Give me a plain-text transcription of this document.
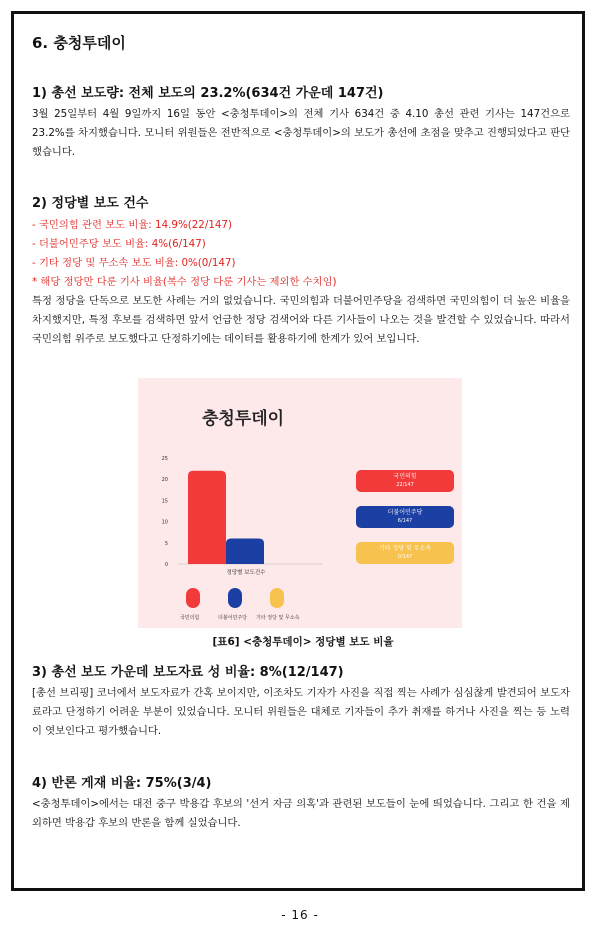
6. 충청투데이
1) 총선 보도량: 전체 보도의 23.2%(634건 가운데 147건)

3월 25일부터 4월 9일까지 16일 동안 <충청투데이>의 전체 기사 634건 중 4.10 총선 관련 기사는 147건으로 23.2%를 차지했습니다. 모니터 위원들은 전반적으로 <충청투데이>의 보도가 총선에 초점을 맞추고 진행되었다고 판단했습니다.

2) 정당별 보도 건수
- 국민의힘 관련 보도 비율: 14.9%(22/147)
- 더불어민주당 보도 비율: 4%(6/147)
- 기타 정당 및 무소속 보도 비율: 0%(0/147)
* 해당 정당만 다룬 기사 비율(복수 정당 다룬 기사는 제외한 수치임)

특정 정당을 단독으로 보도한 사례는 거의 없었습니다. 국민의힘과 더불어민주당을 검색하면 국민의힘이 더 높은 비율을 차지했지만, 특정 후보를 검색하면 앞서 언급한 정당 검색어와 다른 기사들이 나오는 것을 발견할 수 있었습니다. 따라서 국민의힘 위주로 보도했다고 단정하기에는 데이터를 활용하기에 한계가 있어 보입니다.

충청투데이
0
5
10
15
20
25
정당별 보도건수
국민의힘
22/147
더불어민주당
6/147
기타 정당 및 무소속
0/147
국민의힘	더불어민주당 기타 정당 및 무소속
[표6] <충청투데이> 정당별 보도 비율
3) 총선 보도 가운데 보도자료 성 비율: 8%(12/147)

[총선 브리핑] 코너에서 보도자료가 간혹 보이지만, 이조차도 기자가 사진을 직접 찍는 사례가 심심찮게 발견되어 보도자료라고 단정하기 어려운 부분이 있었습니다. 모니터 위원들은 대체로 기자들이 추가 취재를 하거나 사진을 찍는 등 노력이 엿보인다고 평가했습니다.

4) 반론 게재 비율: 75%(3/4)

<충청투데이>에서는 대전 중구 박용갑 후보의 '선거 자금 의혹'과 관련된 보도들이 눈에 띄었습니다. 그리고 한 건을 제외하면 박용갑 후보의 반론을 함께 실었습니다.

- 16 -
